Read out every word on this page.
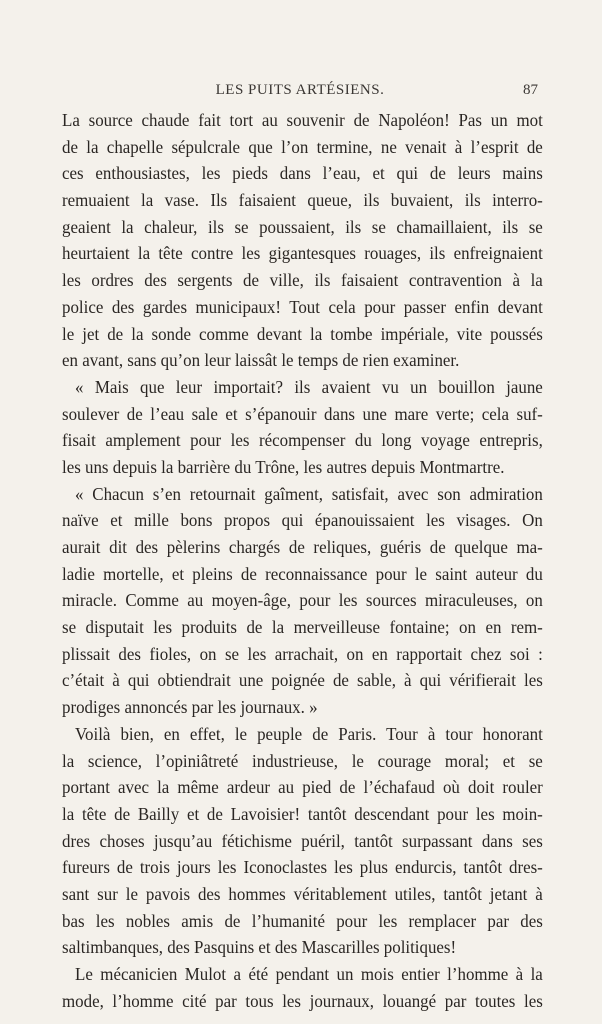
LES PUITS ARTÉSIENS.	87
La source chaude fait tort au souvenir de Napoléon! Pas un mot
de la chapelle sépulcrale que l’on termine, ne venait à l’esprit de
ces enthousiastes, les pieds dans l’eau, et qui de leurs mains
remuaient la vase. Ils faisaient queue, ils buvaient, ils interro-
geaient la chaleur, ils se poussaient, ils se chamaillaient, ils se
heurtaient la tête contre les gigantesques rouages, ils enfreignaient
les ordres des sergents de ville, ils faisaient contravention à la
police des gardes municipaux! Tout cela pour passer enfin devant
le jet de la sonde comme devant la tombe impériale, vite poussés
en avant, sans qu’on leur laissât le temps de rien examiner.
« Mais que leur importait? ils avaient vu un bouillon jaune
soulever de l’eau sale et s’épanouir dans une mare verte; cela suf-
fisait amplement pour les récompenser du long voyage entrepris,
les uns depuis la barrière du Trône, les autres depuis Montmartre.
« Chacun s’en retournait gaîment, satisfait, avec son admiration
naïve et mille bons propos qui épanouissaient les visages. On
aurait dit des pèlerins chargés de reliques, guéris de quelque ma-
ladie mortelle, et pleins de reconnaissance pour le saint auteur du
miracle. Comme au moyen-âge, pour les sources miraculeuses, on
se disputait les produits de la merveilleuse fontaine; on en rem-
plissait des fioles, on se les arrachait, on en rapportait chez soi :
c’était à qui obtiendrait une poignée de sable, à qui vérifierait les
prodiges annoncés par les journaux. »
Voilà bien, en effet, le peuple de Paris. Tour à tour honorant
la science, l’opiniâtreté industrieuse, le courage moral; et se
portant avec la même ardeur au pied de l’échafaud où doit rouler
la tête de Bailly et de Lavoisier! tantôt descendant pour les moin-
dres choses jusqu’au fétichisme puéril, tantôt surpassant dans ses
fureurs de trois jours les Iconoclastes les plus endurcis, tantôt dres-
sant sur le pavois des hommes véritablement utiles, tantôt jetant à
bas les nobles amis de l’humanité pour les remplacer par des
saltimbanques, des Pasquins et des Mascarilles politiques!
Le mécanicien Mulot a été pendant un mois entier l’homme à la
mode, l’homme cité par tous les journaux, louangé par toutes les
